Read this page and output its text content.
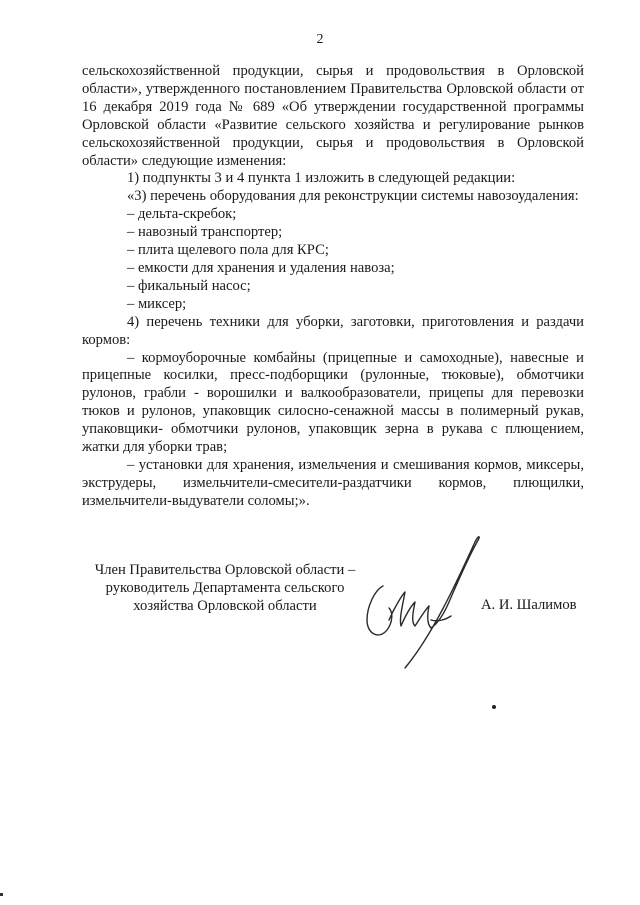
2

сельскохозяйственной продукции, сырья и продовольствия в Орловской области», утвержденного постановлением Правительства Орловской области от 16 декабря 2019 года № 689 «Об утверждении государственной программы Орловской области «Развитие сельского хозяйства и регулирование рынков сельскохозяйственной продукции, сырья и продовольствия в Орловской области» следующие изменения:

1) подпункты 3 и 4 пункта 1 изложить в следующей редакции:

«3) перечень оборудования для реконструкции системы навозоудаления:

– дельта-скребок;

– навозный транспортер;

– плита щелевого пола для КРС;

– емкости для хранения и удаления навоза;

– фикальный насос;

– миксер;

4) перечень техники для уборки, заготовки, приготовления и раздачи кормов:

– кормоуборочные комбайны (прицепные и самоходные), навесные и прицепные косилки, пресс-подборщики (рулонные, тюковые), обмотчики рулонов, грабли - ворошилки и валкообразователи, прицепы для перевозки тюков и рулонов, упаковщик силосно-сенажной массы в полимерный рукав, упаковщики- обмотчики рулонов, упаковщик зерна в рукава с плющением, жатки для уборки трав;

– установки для хранения, измельчения и смешивания кормов, миксеры, экструдеры, измельчители-смесители-раздатчики кормов, плющилки, измельчители-выдуватели соломы;».

Член Правительства Орловской области –
руководитель Департамента сельского
хозяйства Орловской области	А. И. Шалимов
